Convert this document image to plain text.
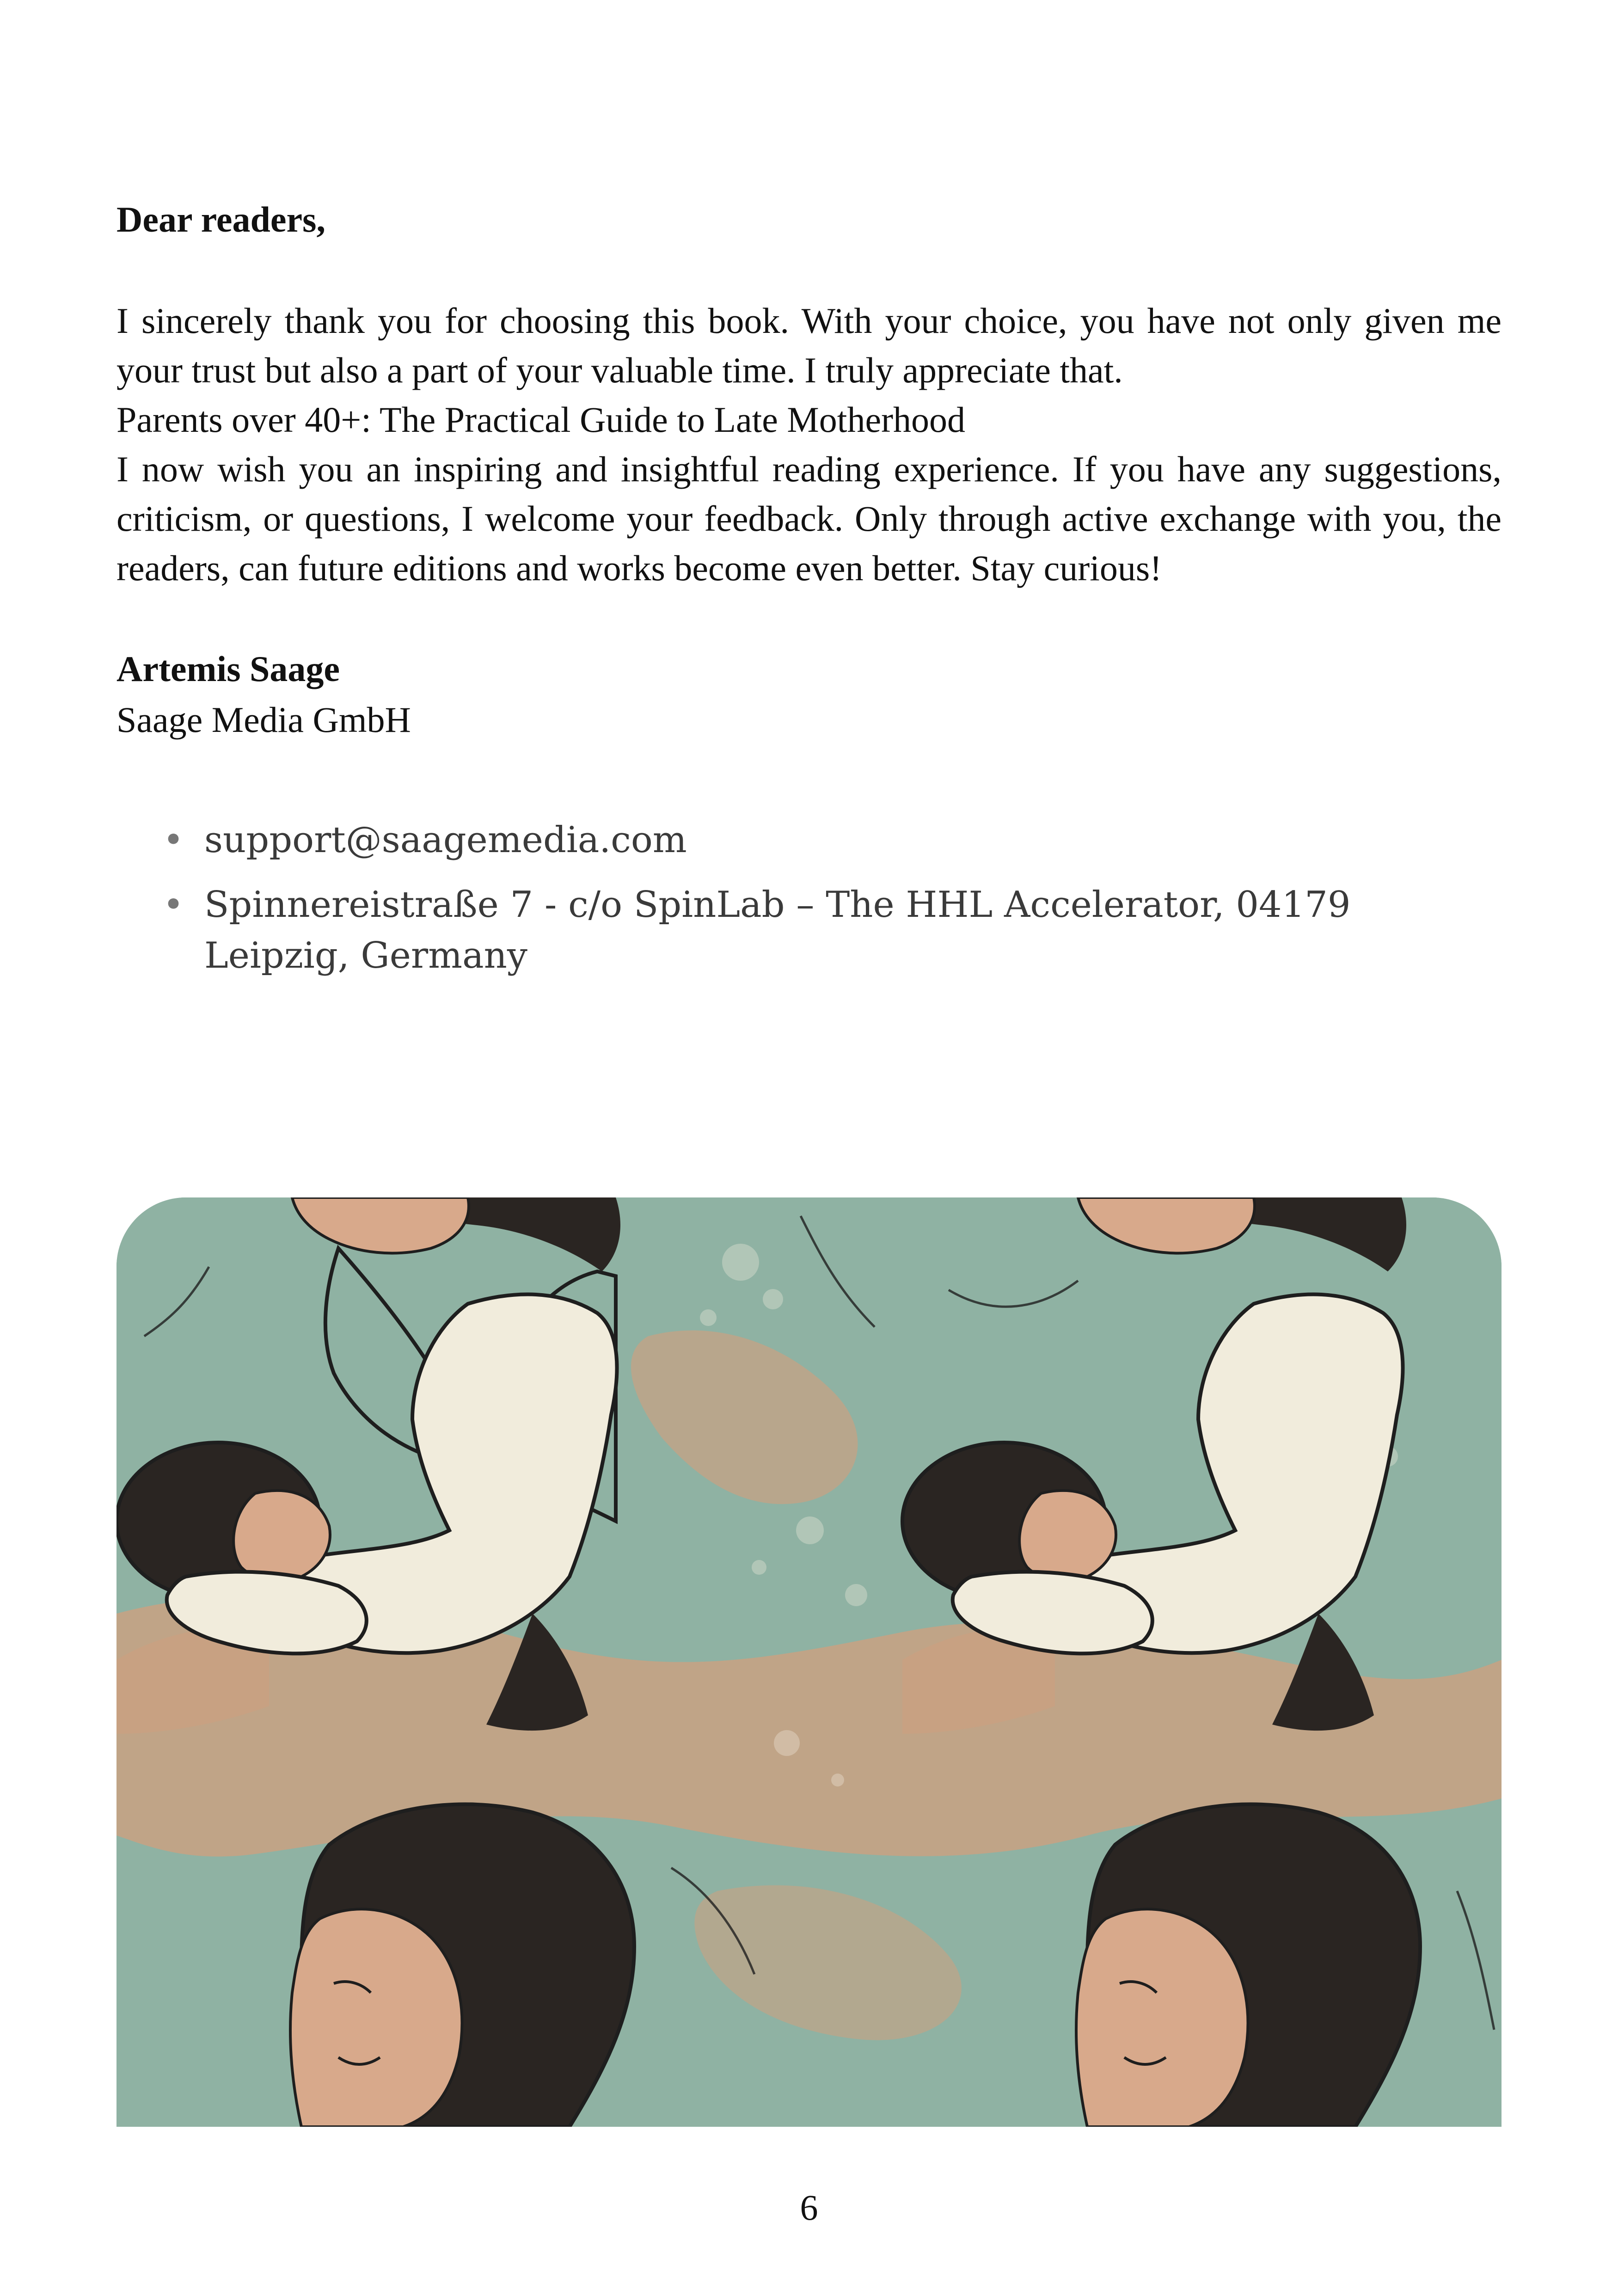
Dear readers,

I sincerely thank you for choosing this book. With your choice, you have not only given me your trust but also a part of your valuable time. I truly appreciate that.

Parents over 40+: The Practical Guide to Late Motherhood

I now wish you an inspiring and insightful reading experience. If you have any suggestions, criticism, or questions, I welcome your feedback. Only through active exchange with you, the readers, can future editions and works become even better. Stay curious!

Artemis Saage
Saage Media GmbH
• support@saagemedia.com
• Spinnereistraße 7 - c/o SpinLab – The HHL Accelerator, 04179 Leipzig, Germany
6
